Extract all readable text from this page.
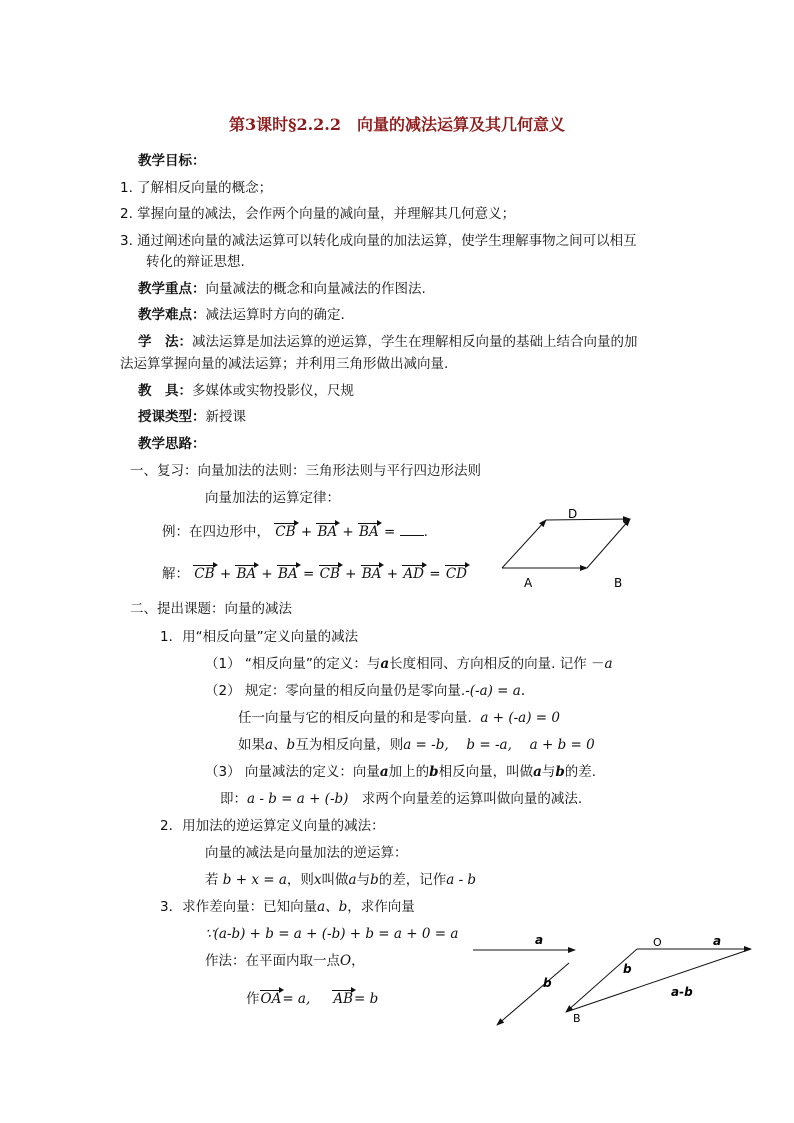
第3课时§2.2.2　向量的减法运算及其几何意义
教学目标：
1. 了解相反向量的概念；
2. 掌握向量的减法，会作两个向量的减向量，并理解其几何意义；
3. 通过阐述向量的减法运算可以转化成向量的加法运算，使学生理解事物之间可以相互
转化的辩证思想.
教学重点：向量减法的概念和向量减法的作图法.
教学难点：减法运算时方向的确定.
学　法：减法运算是加法运算的逆运算，学生在理解相反向量的基础上结合向量的加
法运算掌握向量的减法运算；并利用三角形做出减向量.
教　具：多媒体或实物投影仪，尺规
授课类型：新授课
教学思路：
一、复习：向量加法的法则：三角形法则与平行四边形法则
向量加法的运算定律：
例：在四边形中， CB + BA + BA = .
解： CB + BA + BA = CB + BA + AD = CD
D
A	B
二、提出课题：向量的减法
1．用“相反向量”定义向量的减法
（1） “相反向量”的定义：与a长度相同、方向相反的向量. 记作 －a
（2） 规定：零向量的相反向量仍是零向量.-(-a) = a.
任一向量与它的相反向量的和是零向量. a + (-a) = 0
如果a、b互为相反向量，则a = -b,　 b = -a,　 a + b = 0
（3） 向量减法的定义：向量a加上的b相反向量，叫做a与b的差.
即：a - b = a + (-b)　求两个向量差的运算叫做向量的减法.
2．用加法的逆运算定义向量的减法：
向量的减法是向量加法的逆运算：
若 b + x = a，则x叫做a与b的差，记作a - b
3．求作差向量：已知向量a、b，求作向量
∵(a-b) + b = a + (-b) + b = a + 0 = a
作法：在平面内取一点O，
作OA= a,　  AB= b
a
b
O	a
b
a-b
B
